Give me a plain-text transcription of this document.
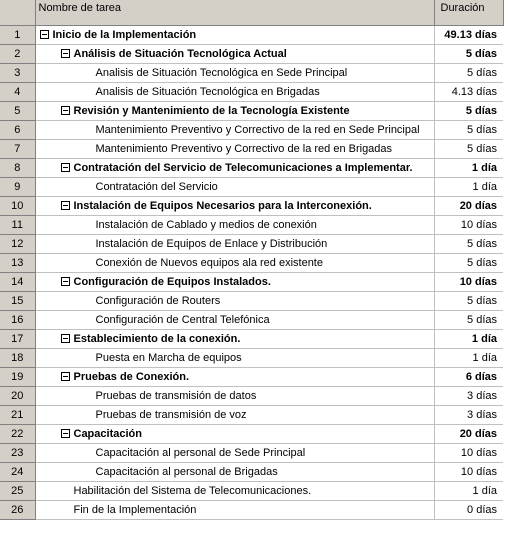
	Nombre de tarea	Duración
1	Inicio de la Implementación	49.13 días
2	Análisis de Situación Tecnológica Actual	5 días
3	Analisis de Situación Tecnológica en Sede Principal	5 días
4	Analisis de Situación Tecnológica en Brigadas	4.13 días
5	Revisión y Mantenimiento de la Tecnología Existente	5 días
6	Mantenimiento Preventivo y Correctivo de la red en Sede Principal	5 días
7	Mantenimiento Preventivo y Correctivo de la red en Brigadas	5 días
8	Contratación del Servicio de Telecomunicaciones a Implementar.	1 día
9	Contratación del Servicio	1 día
10	Instalación de Equipos Necesarios para la Interconexión.	20 días
11	Instalación de Cablado y medios de conexión	10 días
12	Instalación de Equipos de Enlace y Distribución	5 días
13	Conexión de Nuevos equipos ala red existente	5 días
14	Configuración de Equipos Instalados.	10 días
15	Configuración de Routers	5 días
16	Configuración de Central Telefónica	5 días
17	Establecimiento de la conexión.	1 día
18	Puesta en Marcha de equipos	1 día
19	Pruebas de Conexión.	6 días
20	Pruebas de transmisión de datos	3 días
21	Pruebas de transmisión de voz	3 días
22	Capacitación	20 días
23	Capacitación al personal de Sede Principal	10 días
24	Capacitación al personal de Brigadas	10 días
25	Habilitación del Sistema de Telecomunicaciones.	1 día
26	Fin de la Implementación	0 días
